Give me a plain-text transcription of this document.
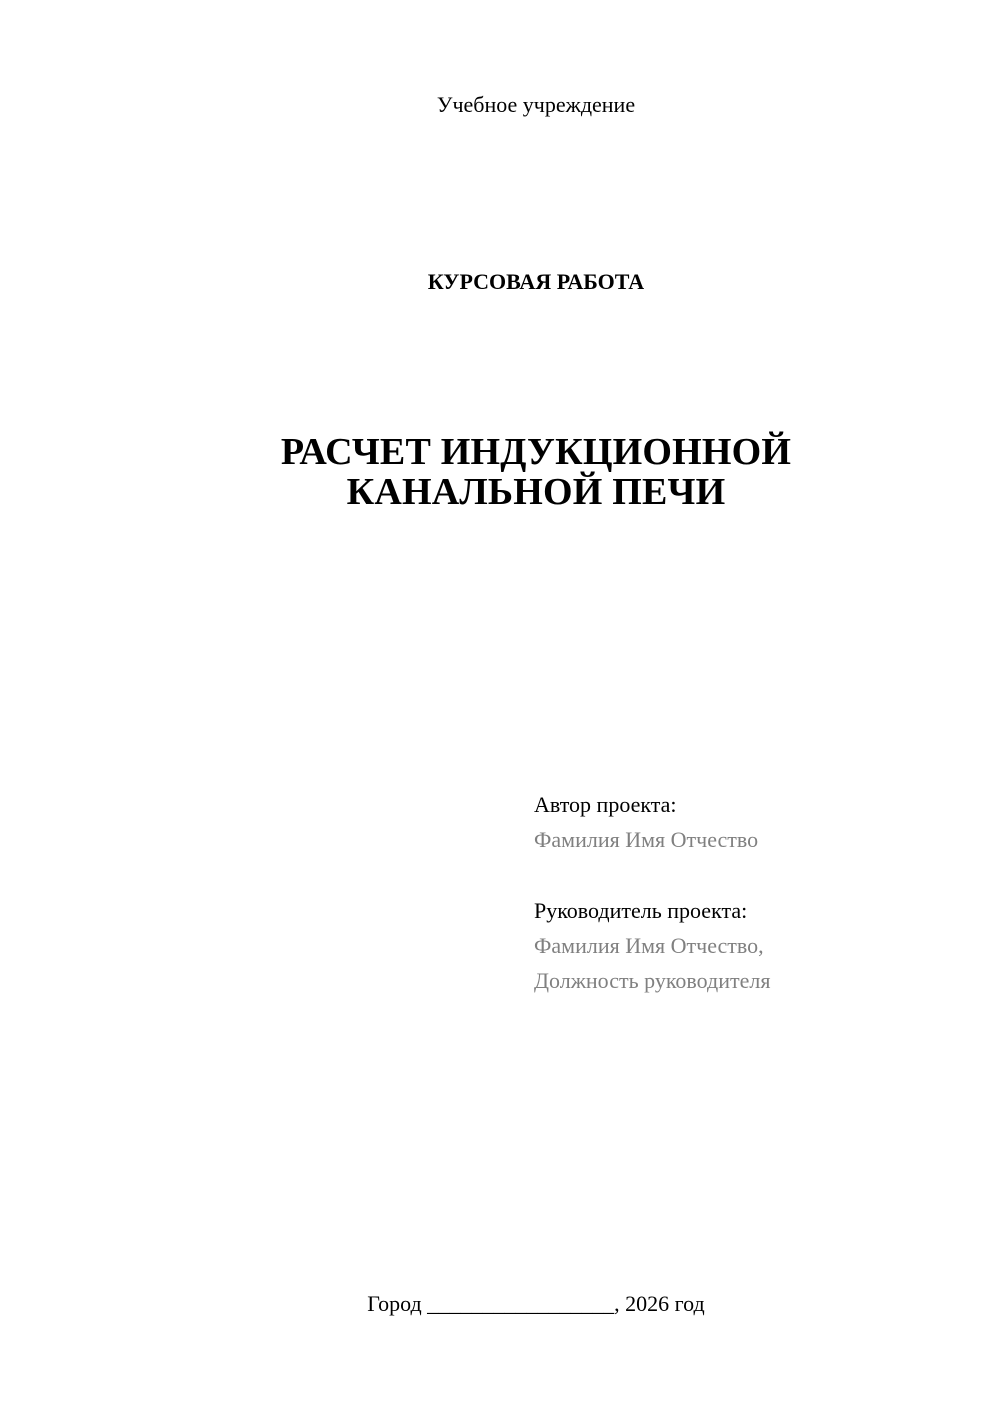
Учебное учреждение
КУРСОВАЯ РАБОТА
РАСЧЕТ ИНДУКЦИОННОЙ
КАНАЛЬНОЙ ПЕЧИ
Автор проекта:
Фамилия Имя Отчество
Руководитель проекта:
Фамилия Имя Отчество,
Должность руководителя
Город _________________, 2026 год
